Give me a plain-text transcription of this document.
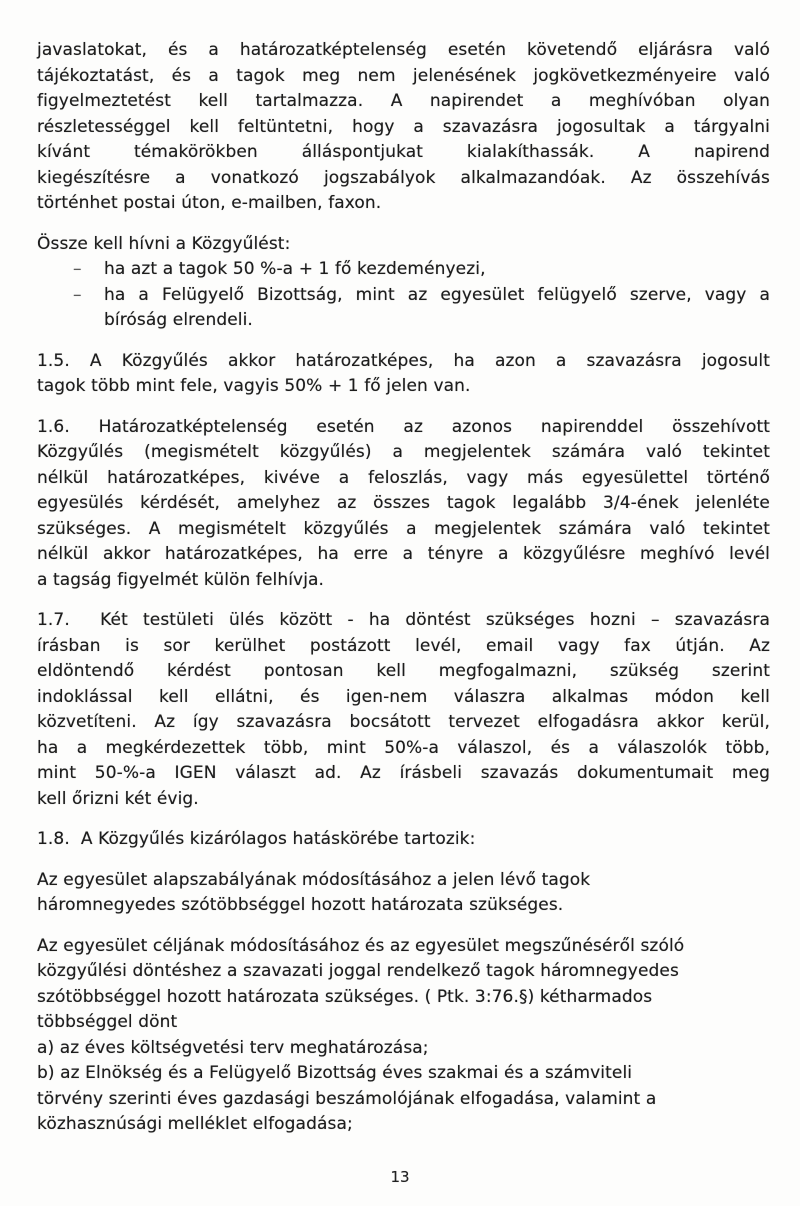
javaslatokat, és a határozatképtelenség esetén követendő eljárásra való
tájékoztatást, és a tagok meg nem jelenésének jogkövetkezményeire való
figyelmeztetést kell tartalmazza. A napirendet a meghívóban olyan
részletességgel kell feltüntetni, hogy a szavazásra jogosultak a tárgyalni
kívánt témakörökben álláspontjukat kialakíthassák. A napirend
kiegészítésre a vonatkozó jogszabályok alkalmazandóak. Az összehívás
történhet postai úton, e-mailben, faxon.
Össze kell hívni a Közgyűlést:
–	ha azt a tagok 50 %-a + 1 fő kezdeményezi,
–	ha a Felügyelő Bizottság, mint az egyesület felügyelő szerve, vagy a
bíróság elrendeli.
1.5. A Közgyűlés akkor határozatképes, ha azon a szavazásra jogosult
tagok több mint fele, vagyis 50% + 1 fő jelen van.
1.6. Határozatképtelenség esetén az azonos napirenddel összehívott
Közgyűlés (megismételt közgyűlés) a megjelentek számára való tekintet
nélkül határozatképes, kivéve a feloszlás, vagy más egyesülettel történő
egyesülés kérdését, amelyhez az összes tagok legalább 3/4-ének jelenléte
szükséges. A megismételt közgyűlés a megjelentek számára való tekintet
nélkül akkor határozatképes, ha erre a tényre a közgyűlésre meghívó levél
a tagság figyelmét külön felhívja.
1.7.  Két testületi ülés között - ha döntést szükséges hozni – szavazásra
írásban is sor kerülhet postázott levél, email vagy fax útján. Az
eldöntendő kérdést pontosan kell megfogalmazni, szükség szerint
indoklással kell ellátni, és igen-nem válaszra alkalmas módon kell
közvetíteni. Az így szavazásra bocsátott tervezet elfogadásra akkor kerül,
ha a megkérdezettek több, mint 50%-a válaszol, és a válaszolók több,
mint 50-%-a IGEN választ ad. Az írásbeli szavazás dokumentumait meg
kell őrizni két évig.
1.8.  A Közgyűlés kizárólagos hatáskörébe tartozik:
Az egyesület alapszabályának módosításához a jelen lévő tagok
háromnegyedes szótöbbséggel hozott határozata szükséges.
Az egyesület céljának módosításához és az egyesület megszűnéséről szóló
közgyűlési döntéshez a szavazati joggal rendelkező tagok háromnegyedes
szótöbbséggel hozott határozata szükséges. ( Ptk. 3:76.§) kétharmados
többséggel dönt
a) az éves költségvetési terv meghatározása;
b) az Elnökség és a Felügyelő Bizottság éves szakmai és a számviteli
törvény szerinti éves gazdasági beszámolójának elfogadása, valamint a
közhasznúsági melléklet elfogadása;
13
